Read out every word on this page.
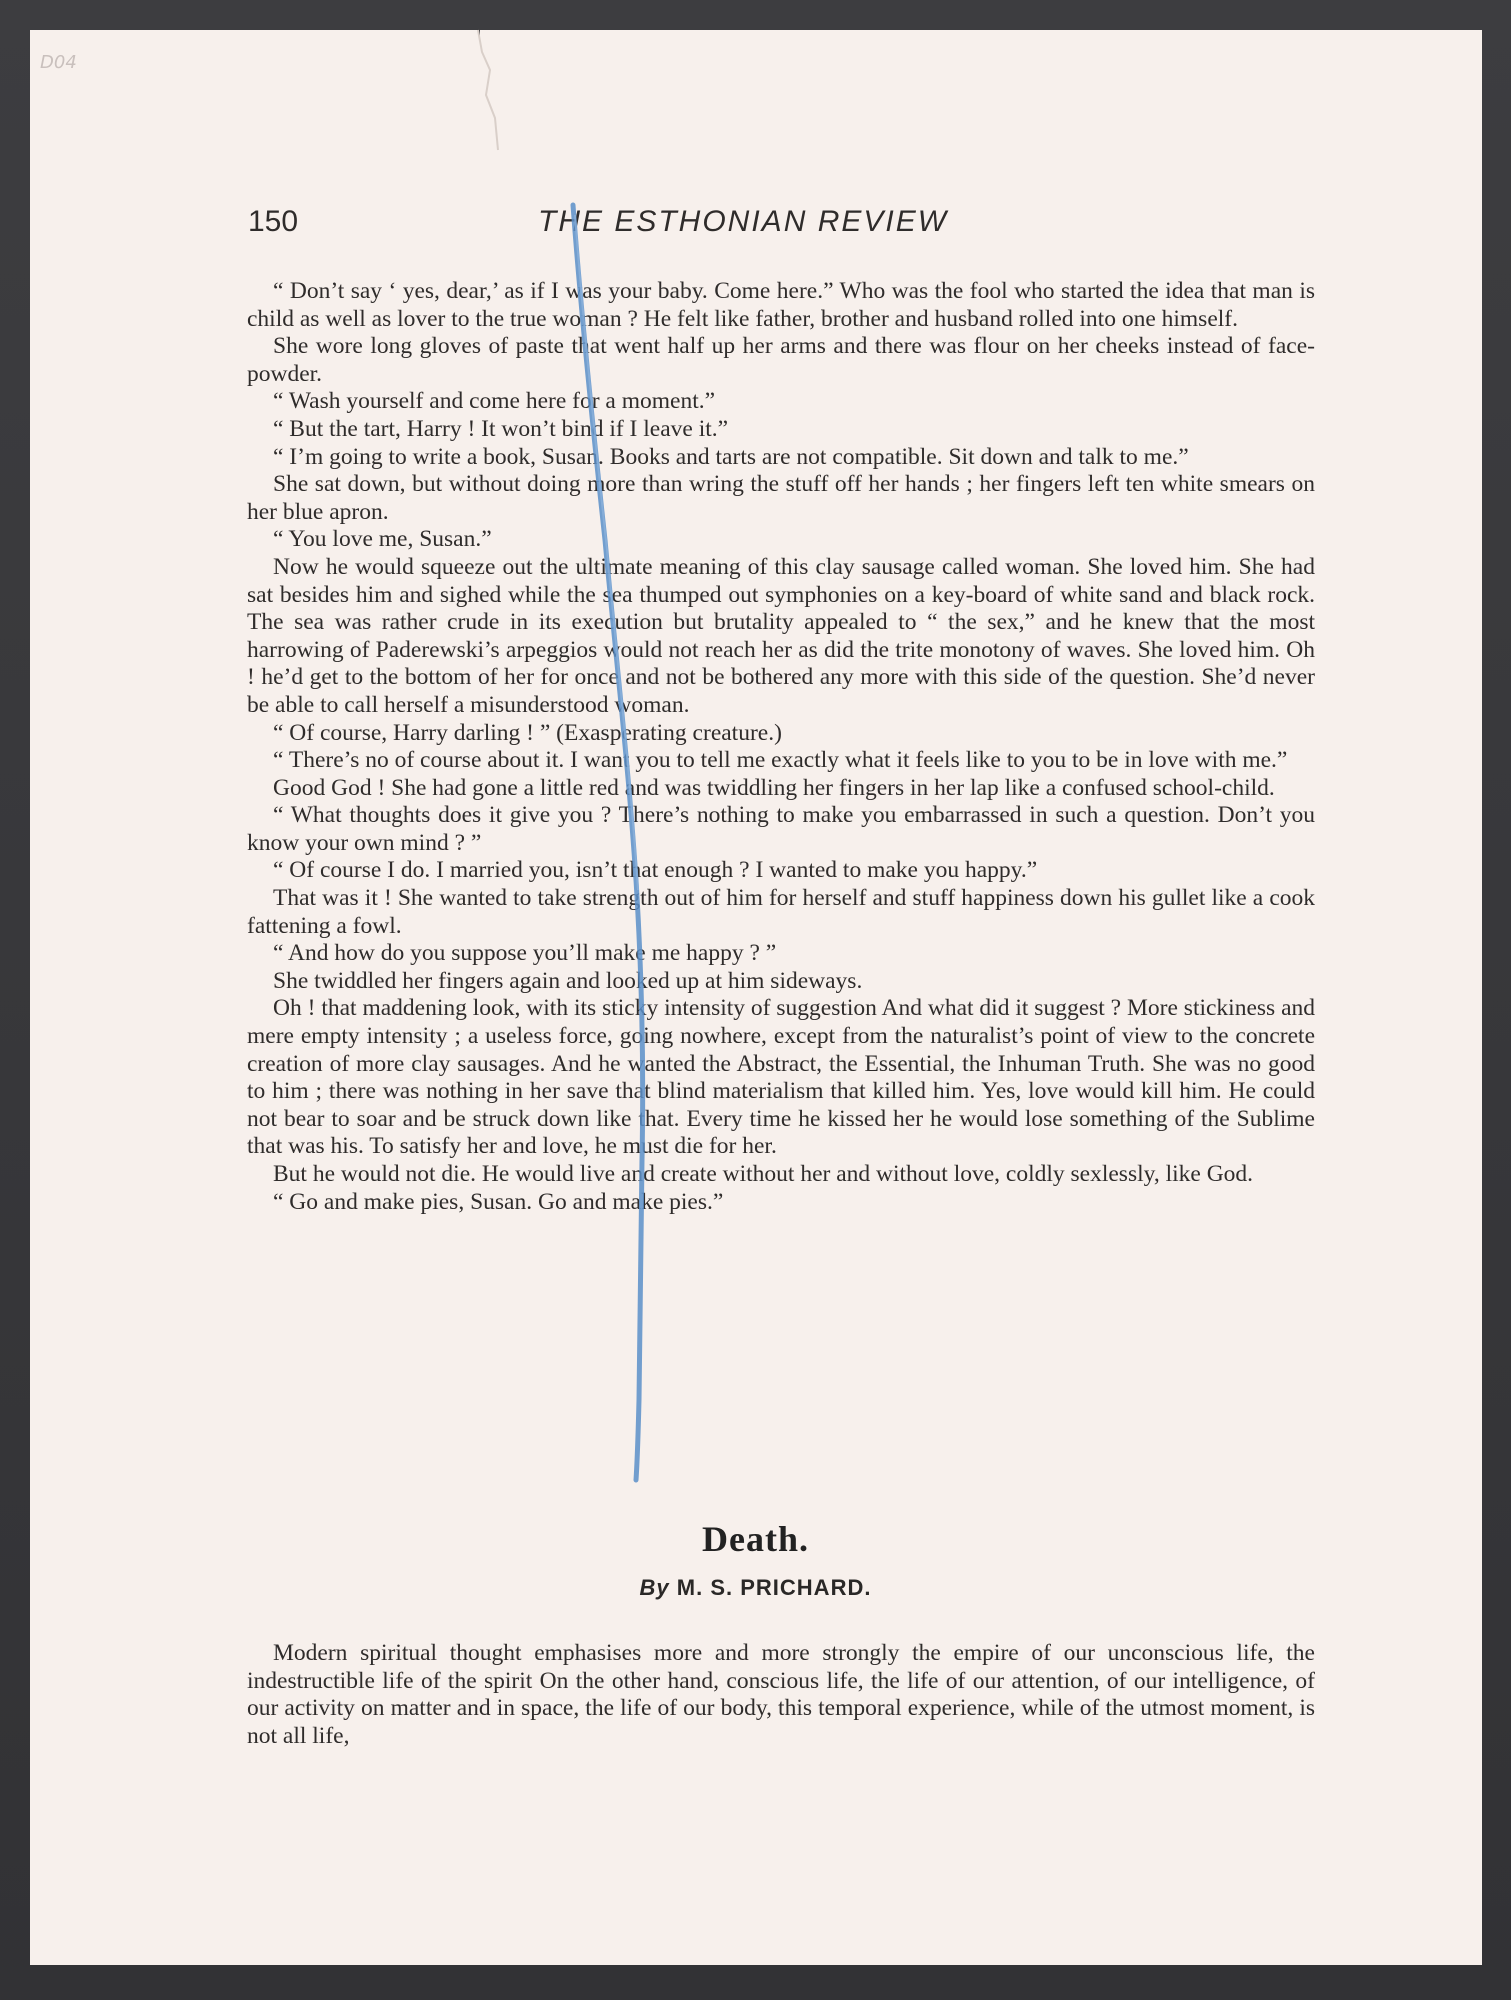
D04
150	THE ESTHONIAN REVIEW

“ Don’t say ‘ yes, dear,’ as if I was your baby. Come here.” Who was the fool who started the idea that man is child as well as lover to the true woman ? He felt like father, brother and husband rolled into one himself.

She wore long gloves of paste that went half up her arms and there was flour on her cheeks instead of face-powder.

“ Wash yourself and come here for a moment.”

“ But the tart, Harry ! It won’t bind if I leave it.”

“ I’m going to write a book, Susan. Books and tarts are not compatible. Sit down and talk to me.”

She sat down, but without doing more than wring the stuff off her hands ; her fingers left ten white smears on her blue apron.

“ You love me, Susan.”

Now he would squeeze out the ultimate meaning of this clay sausage called woman. She loved him. She had sat besides him and sighed while the sea thumped out symphonies on a key-board of white sand and black rock. The sea was rather crude in its execution but brutality appealed to “ the sex,” and he knew that the most harrowing of Paderewski’s arpeggios would not reach her as did the trite monotony of waves. She loved him. Oh ! he’d get to the bottom of her for once and not be bothered any more with this side of the question. She’d never be able to call herself a misunderstood woman.

“ Of course, Harry darling ! ” (Exasperating creature.)

“ There’s no of course about it. I want you to tell me exactly what it feels like to you to be in love with me.”

Good God ! She had gone a little red and was twiddling her fingers in her lap like a confused school-child.

“ What thoughts does it give you ? There’s nothing to make you embarrassed in such a question. Don’t you know your own mind ? ”

“ Of course I do. I married you, isn’t that enough ? I wanted to make you happy.”

That was it ! She wanted to take strength out of him for herself and stuff happiness down his gullet like a cook fattening a fowl.

“ And how do you suppose you’ll make me happy ? ”

She twiddled her fingers again and looked up at him sideways.

Oh ! that maddening look, with its sticky intensity of suggestion And what did it suggest ? More stickiness and mere empty intensity ; a useless force, going nowhere, except from the naturalist’s point of view to the concrete creation of more clay sausages. And he wanted the Abstract, the Essential, the Inhuman Truth. She was no good to him ; there was nothing in her save that blind materialism that killed him. Yes, love would kill him. He could not bear to soar and be struck down like that. Every time he kissed her he would lose something of the Sublime that was his. To satisfy her and love, he must die for her.

But he would not die. He would live and create without her and without love, coldly sexlessly, like God.

“ Go and make pies, Susan. Go and make pies.”

Death.
By M. S. PRICHARD.

Modern spiritual thought emphasises more and more strongly the empire of our unconscious life, the indestructible life of the spirit On the other hand, conscious life, the life of our attention, of our intelligence, of our activity on matter and in space, the life of our body, this temporal experience, while of the utmost moment, is not all life,
